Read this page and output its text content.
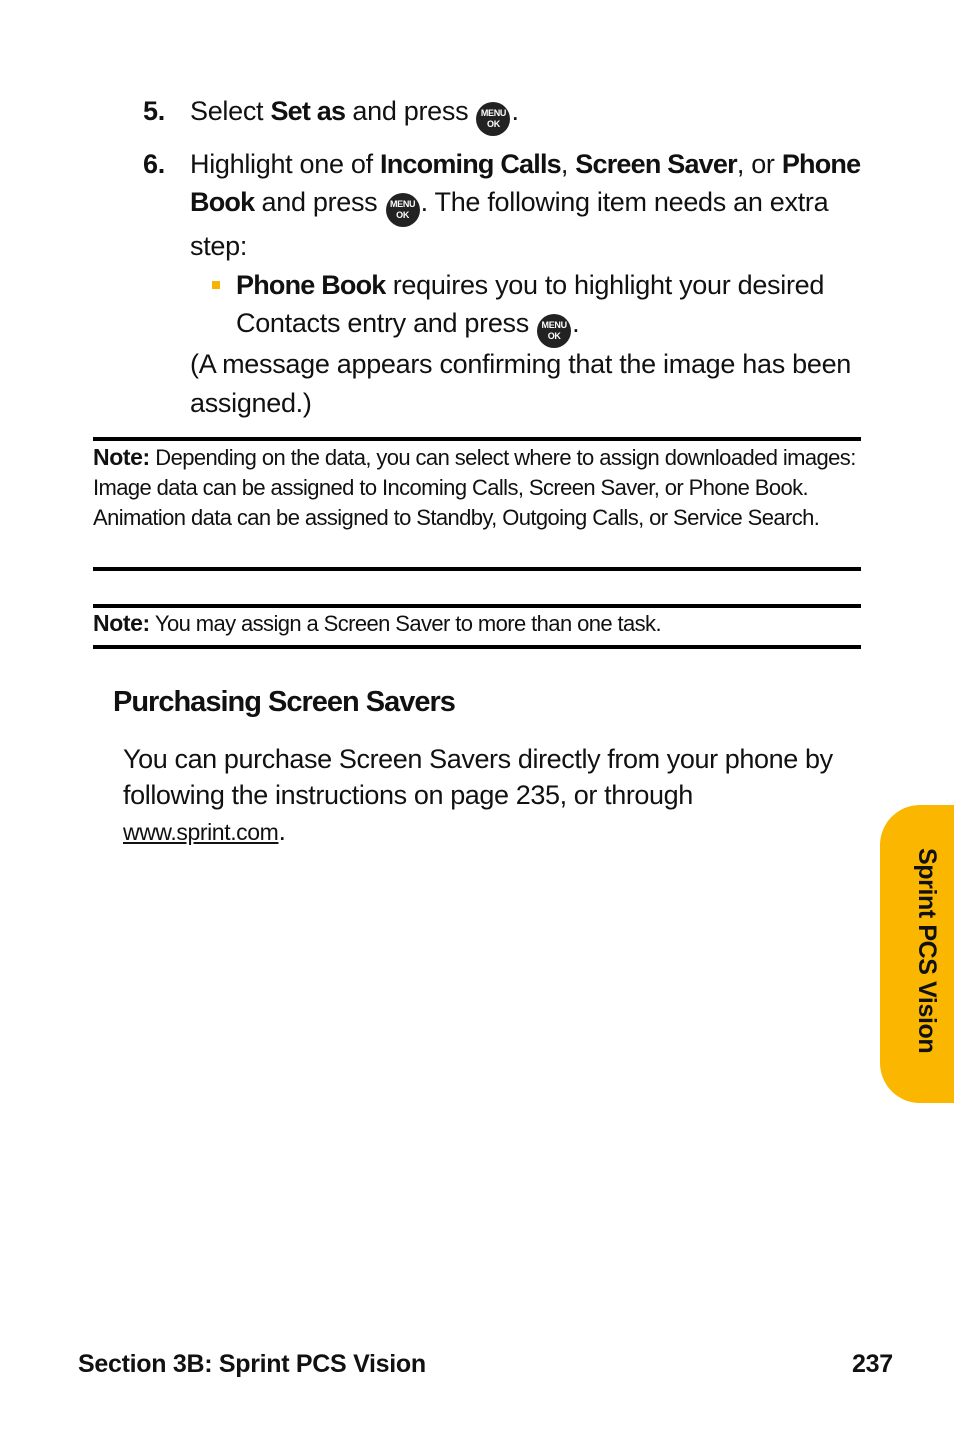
5. Select Set as and press MENU
OK .
6. Highlight one of Incoming Calls, Screen Saver, or Phone
Book and press MENU
OK . The following item needs an extra
step:
Phone Book requires you to highlight your desired
Contacts entry and press MENU
OK .
(A message appears confirming that the image has been
assigned.)
Note: Depending on the data, you can select where to assign downloaded images: Image data can be assigned to Incoming Calls, Screen Saver, or Phone Book. Animation data can be assigned to Standby, Outgoing Calls, or Service Search.
Note: You may assign a Screen Saver to more than one task.
Purchasing Screen Savers
You can purchase Screen Savers directly from your phone by following the instructions on page 235, or through www.sprint.com.
Sprint PCS Vision
Section 3B: Sprint PCS Vision	237
